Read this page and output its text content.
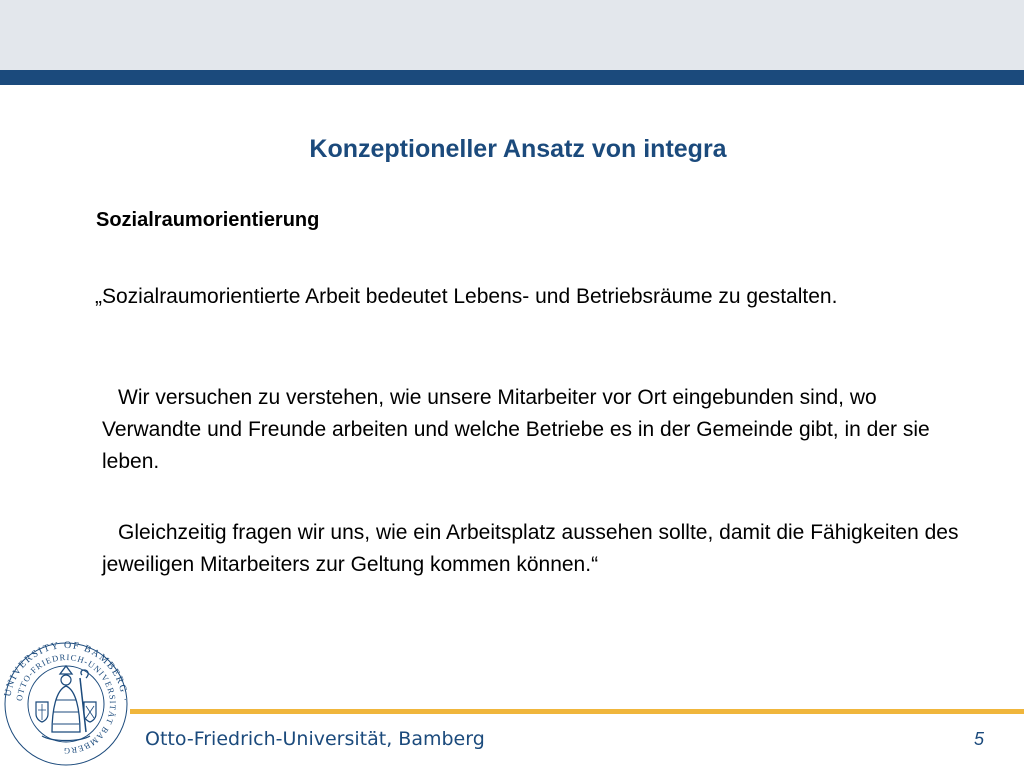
Konzeptioneller Ansatz von integra

Sozialraumorientierung

„Sozialraumorientierte Arbeit bedeutet Lebens- und Betriebsräume zu gestalten.

Wir versuchen zu verstehen, wie unsere Mitarbeiter vor Ort eingebunden sind, wo Verwandte und Freunde arbeiten und welche Betriebe es in der Gemeinde gibt, in der sie leben.

Gleichzeitig fragen wir uns, wie ein Arbeitsplatz aussehen sollte, damit die Fähigkeiten des jeweiligen Mitarbeiters zur Geltung kommen können.“

UNIVERSITY OF BAMBERG ·
OTTO-FRIEDRICH-UNIVERSITÄT BAMBERG
Otto-Friedrich-Universität, Bamberg	5
